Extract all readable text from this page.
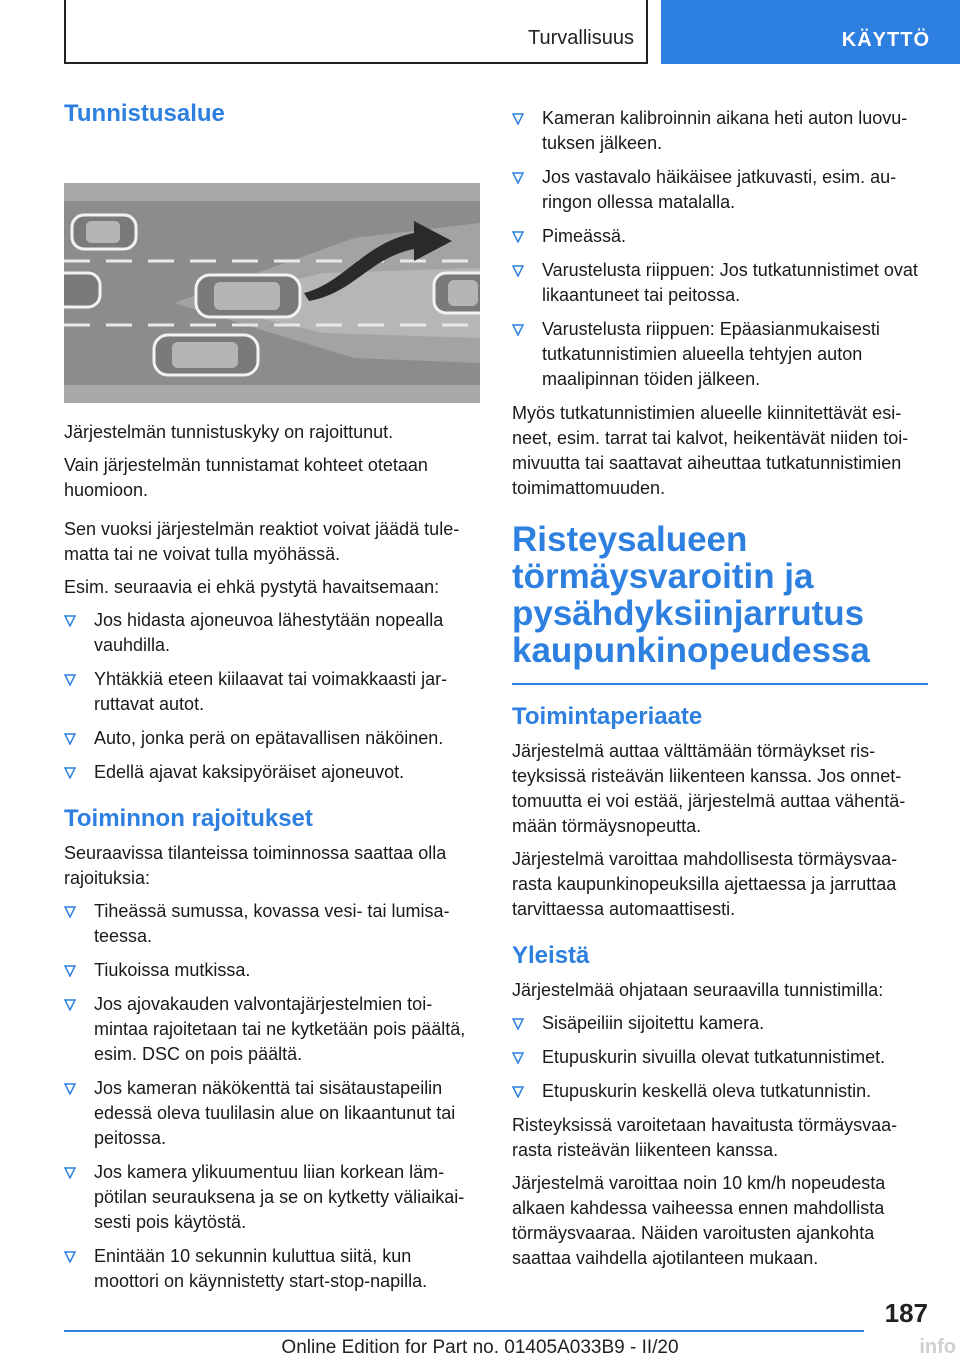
Turvallisuus	KÄYTTÖ
Tunnistusalue

Järjestelmän tunnistuskyky on rajoittunut.

Vain järjestelmän tunnistamat kohteet otetaan huomioon.

Sen vuoksi järjestelmän reaktiot voivat jäädä tulematta tai ne voivat tulla myöhässä.

Esim. seuraavia ei ehkä pystytä havaitsemaan:

Jos hidasta ajoneuvoa lähestytään nopealla vauhdilla.
Yhtäkkiä eteen kiilaavat tai voimakkaasti jarruttavat autot.
Auto, jonka perä on epätavallisen näköinen.
Edellä ajavat kaksipyöräiset ajoneuvot.
Toiminnon rajoitukset

Seuraavissa tilanteissa toiminnossa saattaa olla rajoituksia:

Tiheässä sumussa, kovassa vesi- tai lumisateessa.
Tiukoissa mutkissa.
Jos ajovakauden valvontajärjestelmien toimintaa rajoitetaan tai ne kytketään pois päältä, esim. DSC on pois päältä.
Jos kameran näkökenttä tai sisätaustapeilin edessä oleva tuulilasin alue on likaantunut tai peitossa.
Jos kamera ylikuumentuu liian korkean lämpötilan seurauksena ja se on kytketty väliaikaisesti pois käytöstä.
Enintään 10 sekunnin kuluttua siitä, kun moottori on käynnistetty start-stop-napilla.
Kameran kalibroinnin aikana heti auton luovutuksen jälkeen.
Jos vastavalo häikäisee jatkuvasti, esim. auringon ollessa matalalla.
Pimeässä.
Varustelusta riippuen: Jos tutkatunnistimet ovat likaantuneet tai peitossa.
Varustelusta riippuen: Epäasianmukaisesti tutkatunnistimien alueella tehtyjen auton maalipinnan töiden jälkeen.

Myös tutkatunnistimien alueelle kiinnitettävät esineet, esim. tarrat tai kalvot, heikentävät niiden toimivuutta tai saattavat aiheuttaa tutkatunnistimien toimimattomuuden.

Risteysalueen törmäysvaroitin ja pysähdyksiinjarrutus kaupunkinopeudessa
Toimintaperiaate

Järjestelmä auttaa välttämään törmäykset risteyksissä risteävän liikenteen kanssa. Jos onnettomuutta ei voi estää, järjestelmä auttaa vähentämään törmäysnopeutta.

Järjestelmä varoittaa mahdollisesta törmäysvaarasta kaupunkinopeuksilla ajettaessa ja jarruttaa tarvittaessa automaattisesti.

Yleistä

Järjestelmää ohjataan seuraavilla tunnistimilla:

Sisäpeiliin sijoitettu kamera.
Etupuskurin sivuilla olevat tutkatunnistimet.
Etupuskurin keskellä oleva tutkatunnistin.

Risteyksissä varoitetaan havaitusta törmäysvaarasta risteävän liikenteen kanssa.

Järjestelmä varoittaa noin 10 km/h nopeudesta alkaen kahdessa vaiheessa ennen mahdollista törmäysvaaraa. Näiden varoitusten ajankohta saattaa vaihdella ajotilanteen mukaan.

187
Online Edition for Part no. 01405A033B9 - II/20	info
